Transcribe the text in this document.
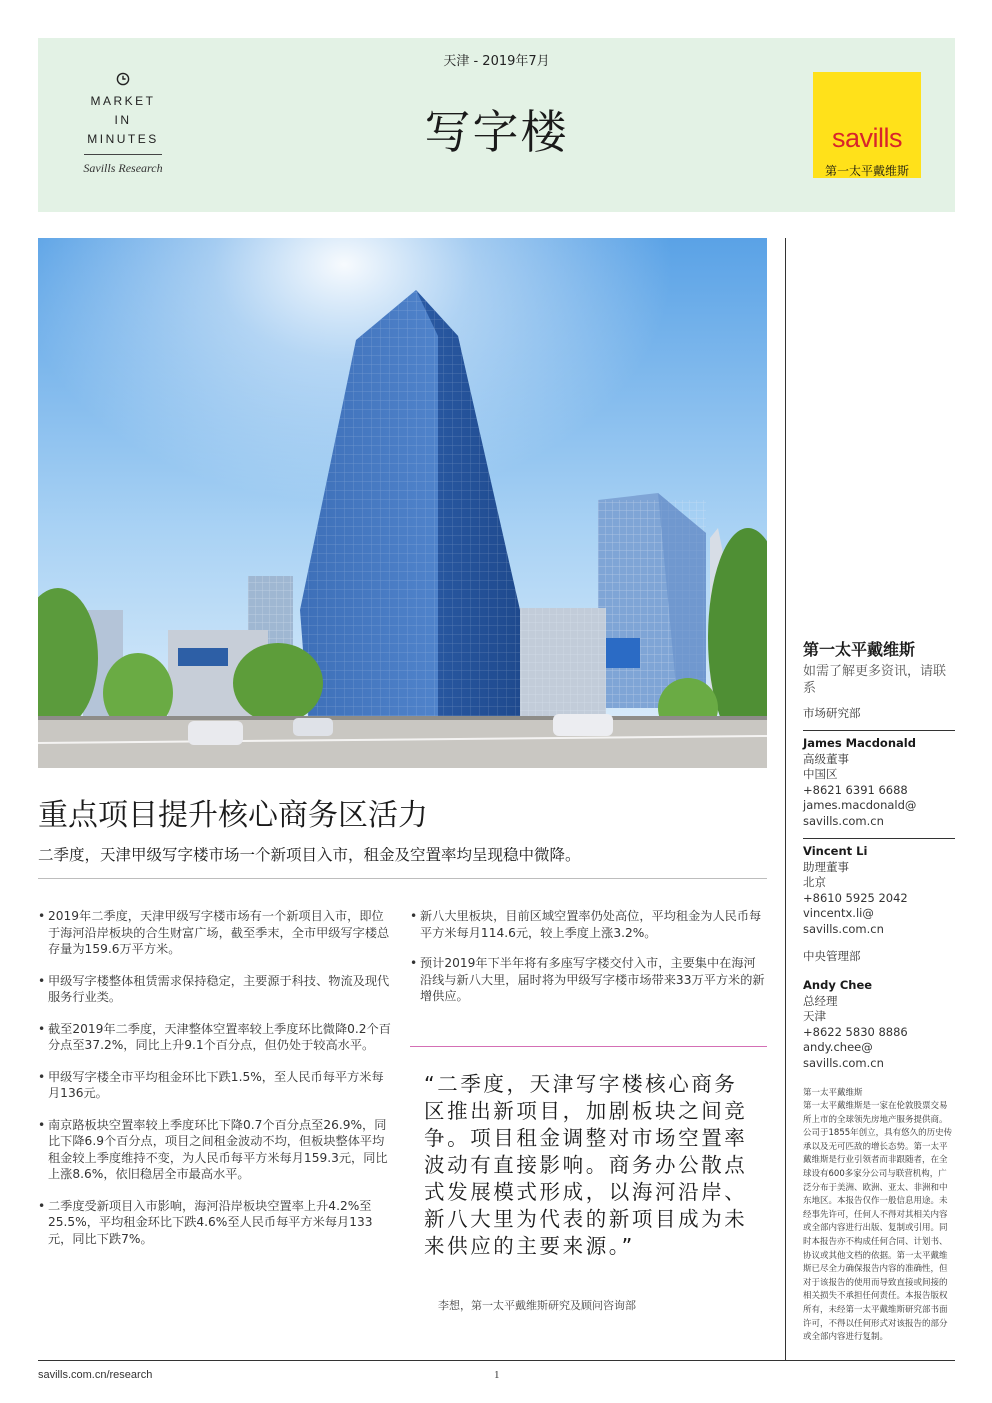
MARKET
IN
MINUTES
Savills Research
天津 - 2019年7月
写字楼	savills
第一太平戴维斯
重点项目提升核心商务区活力

二季度，天津甲级写字楼市场一个新项目入市，租金及空置率均呈现稳中微降。

• 2019年二季度，天津甲级写字楼市场有一个新项目入市，即位于海河沿岸板块的合生财富广场，截至季末，全市甲级写字楼总存量为159.6万平方米。
• 甲级写字楼整体租赁需求保持稳定，主要源于科技、物流及现代服务行业类。
• 截至2019年二季度，天津整体空置率较上季度环比微降0.2个百分点至37.2%，同比上升9.1个百分点，但仍处于较高水平。
• 甲级写字楼全市平均租金环比下跌1.5%，至人民币每平方米每月136元。
• 南京路板块空置率较上季度环比下降0.7个百分点至26.9%，同比下降6.9个百分点，项目之间租金波动不均，但板块整体平均租金较上季度维持不变，为人民币每平方米每月159.3元，同比上涨8.6%，依旧稳居全市最高水平。
• 二季度受新项目入市影响，海河沿岸板块空置率上升4.2%至25.5%，平均租金环比下跌4.6%至人民币每平方米每月133元，同比下跌7%。
• 新八大里板块，目前区域空置率仍处高位，平均租金为人民币每平方米每月114.6元，较上季度上涨3.2%。
• 预计2019年下半年将有多座写字楼交付入市，主要集中在海河沿线与新八大里，届时将为甲级写字楼市场带来33万平方米的新增供应。
“二季度，天津写字楼核心商务区推出新项目，加剧板块之间竞争。项目租金调整对市场空置率波动有直接影响。商务办公散点式发展模式形成，以海河沿岸、新八大里为代表的新项目成为未来供应的主要来源。”
李想，第一太平戴维斯研究及顾问咨询部
第一太平戴维斯
如需了解更多资讯，请联系
市场研究部
James Macdonald
高级董事
中国区
+8621 6391 6688
james.macdonald@
savills.com.cn
Vincent Li
助理董事
北京
+8610 5925 2042
vincentx.li@
savills.com.cn
中央管理部
Andy Chee
总经理
天津
+8622 5830 8886
andy.chee@
savills.com.cn
第一太平戴维斯
第一太平戴维斯是一家在伦敦股票交易所上市的全球领先房地产服务提供商。公司于1855年创立，具有悠久的历史传承以及无可匹敌的增长态势。第一太平戴维斯是行业引领者而非跟随者，在全球设有600多家分公司与联营机构，广泛分布于美洲、欧洲、亚太、非洲和中东地区。本报告仅作一般信息用途。未经事先许可，任何人不得对其相关内容或全部内容进行出版、复制或引用。同时本报告亦不构成任何合同、计划书、协议或其他文档的依据。第一太平戴维斯已尽全力确保报告内容的准确性，但对于该报告的使用而导致直接或间接的相关损失不承担任何责任。本报告版权所有，未经第一太平戴维斯研究部书面许可，不得以任何形式对该报告的部分或全部内容进行复制。
savills.com.cn/research	1
